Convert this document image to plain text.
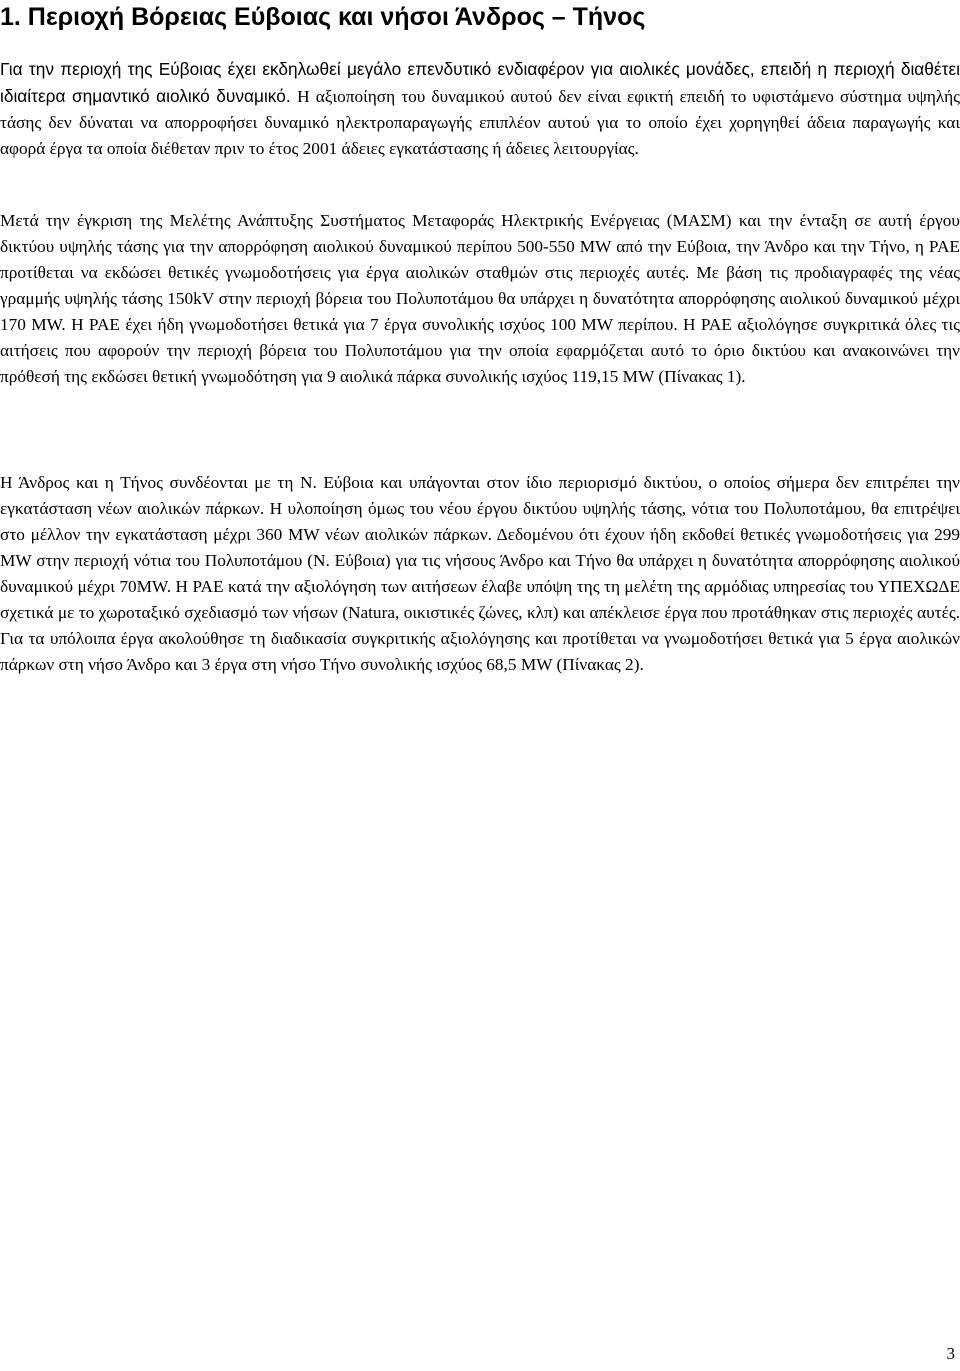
1. Περιοχή Βόρειας Εύβοιας και νήσοι Άνδρος – Τήνος

Για την περιοχή της Εύβοιας έχει εκδηλωθεί μεγάλο επενδυτικό ενδιαφέρον για αιολικές μονάδες, επειδή η περιοχή διαθέτει ιδιαίτερα σημαντικό αιολικό δυναμικό. Η αξιοποίηση του δυναμικού αυτού δεν είναι εφικτή επειδή το υφιστάμενο σύστημα υψηλής τάσης δεν δύναται να απορροφήσει δυναμικό ηλεκτροπαραγωγής επιπλέον αυτού για το οποίο έχει χορηγηθεί άδεια παραγωγής και αφορά έργα τα οποία διέθεταν πριν το έτος 2001 άδειες εγκατάστασης ή άδειες λειτουργίας.

Μετά την έγκριση της Μελέτης Ανάπτυξης Συστήματος Μεταφοράς Ηλεκτρικής Ενέργειας (ΜΑΣΜ) και την ένταξη σε αυτή έργου δικτύου υψηλής τάσης για την απορρόφηση αιολικού δυναμικού περίπου 500-550 MW από την Εύβοια, την Άνδρο και την Τήνο, η ΡΑΕ προτίθεται να εκδώσει θετικές γνωμοδοτήσεις για έργα αιολικών σταθμών στις περιοχές αυτές. Με βάση τις προδιαγραφές της νέας γραμμής υψηλής τάσης 150kV στην περιοχή βόρεια του Πολυποτάμου θα υπάρχει η δυνατότητα απορρόφησης αιολικού δυναμικού μέχρι 170 MW. Η ΡΑΕ έχει ήδη γνωμοδοτήσει θετικά για 7 έργα συνολικής ισχύος 100 MW περίπου. Η ΡΑΕ αξιολόγησε συγκριτικά όλες τις αιτήσεις που αφορούν την περιοχή βόρεια του Πολυποτάμου για την οποία εφαρμόζεται αυτό το όριο δικτύου και ανακοινώνει την πρόθεσή της εκδώσει θετική γνωμοδότηση για 9 αιολικά πάρκα συνολικής ισχύος 119,15 MW (Πίνακας 1).

Η Άνδρος και η Τήνος συνδέονται με τη Ν. Εύβοια και υπάγονται στον ίδιο περιορισμό δικτύου, ο οποίος σήμερα δεν επιτρέπει την εγκατάσταση νέων αιολικών πάρκων. Η υλοποίηση όμως του νέου έργου δικτύου υψηλής τάσης, νότια του Πολυποτάμου, θα επιτρέψει στο μέλλον την εγκατάσταση μέχρι 360 MW νέων αιολικών πάρκων. Δεδομένου ότι έχουν ήδη εκδοθεί θετικές γνωμοδοτήσεις για 299 MW στην περιοχή νότια του Πολυποτάμου (Ν. Εύβοια) για τις νήσους Άνδρο και Τήνο θα υπάρχει η δυνατότητα απορρόφησης αιολικού δυναμικού μέχρι 70MW. Η ΡΑΕ κατά την αξιολόγηση των αιτήσεων έλαβε υπόψη της τη μελέτη της αρμόδιας υπηρεσίας του ΥΠΕΧΩΔΕ σχετικά με το χωροταξικό σχεδιασμό των νήσων (Natura, οικιστικές ζώνες, κλπ) και απέκλεισε έργα που προτάθηκαν στις περιοχές αυτές. Για τα υπόλοιπα έργα ακολούθησε τη διαδικασία συγκριτικής αξιολόγησης και προτίθεται να γνωμοδοτήσει θετικά για 5 έργα αιολικών πάρκων στη νήσο Άνδρο και 3 έργα στη νήσο Τήνο συνολικής ισχύος 68,5 MW (Πίνακας 2).

3
